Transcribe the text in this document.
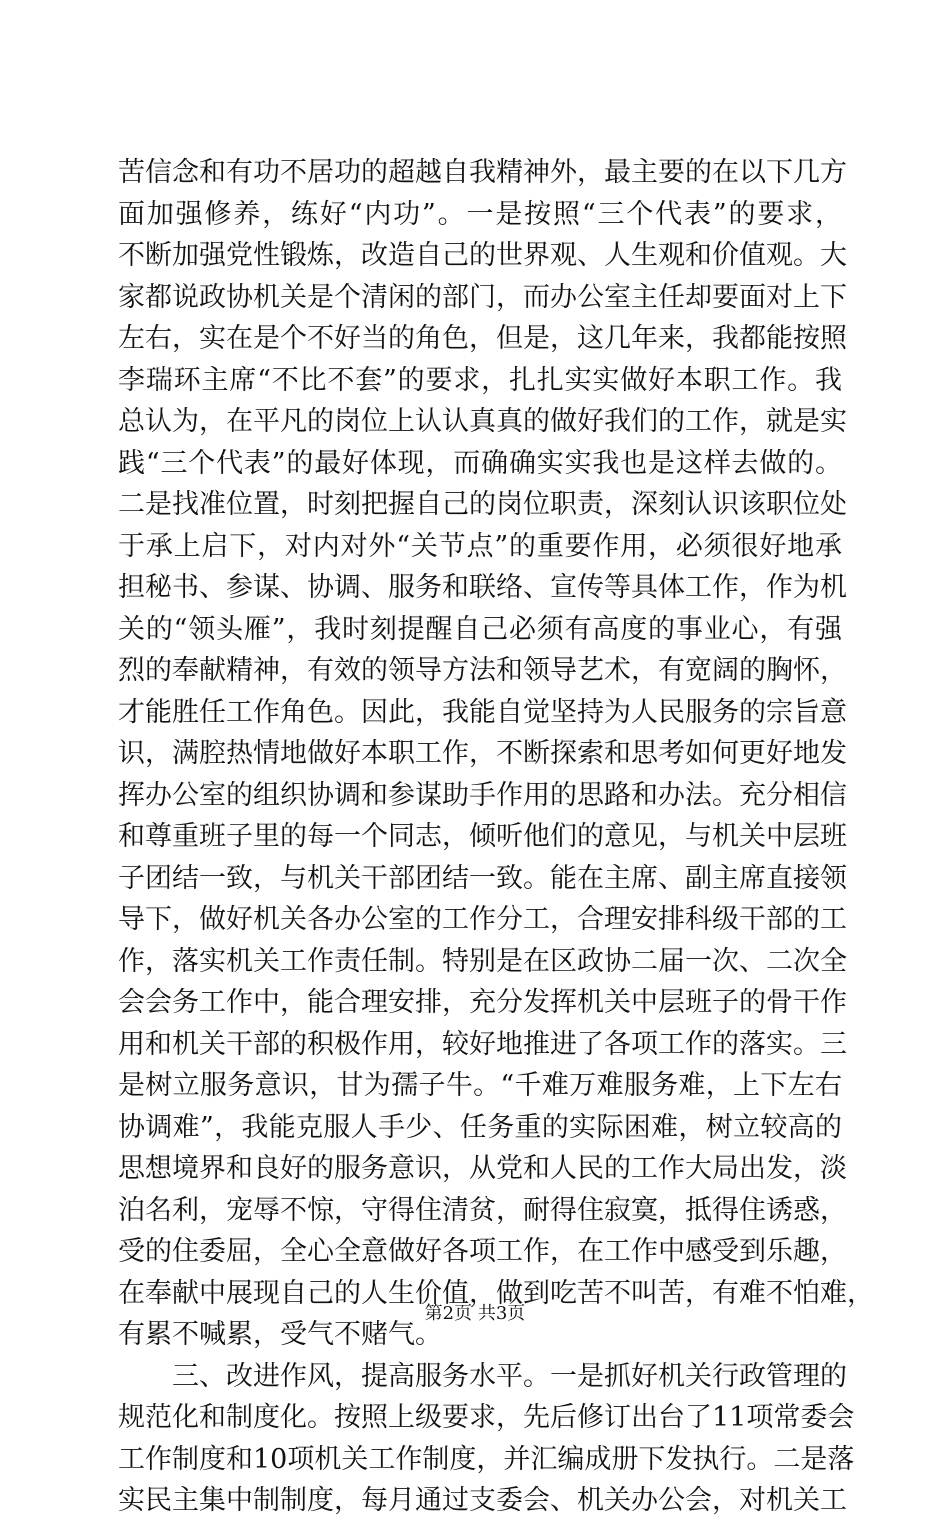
苦信念和有功不居功的超越自我精神外，最主要的在以下几方
面加强修养，练好“内功”。一是按照“三个代表”的要求，
不断加强党性锻炼，改造自己的世界观、人生观和价值观。大
家都说政协机关是个清闲的部门，而办公室主任却要面对上下
左右，实在是个不好当的角色，但是，这几年来，我都能按照
李瑞环主席“不比不套”的要求，扎扎实实做好本职工作。我
总认为，在平凡的岗位上认认真真的做好我们的工作，就是实
践“三个代表”的最好体现，而确确实实我也是这样去做的。
二是找准位置，时刻把握自己的岗位职责，深刻认识该职位处
于承上启下，对内对外“关节点”的重要作用，必须很好地承
担秘书、参谋、协调、服务和联络、宣传等具体工作，作为机
关的“领头雁”，我时刻提醒自己必须有高度的事业心，有强
烈的奉献精神，有效的领导方法和领导艺术，有宽阔的胸怀，
才能胜任工作角色。因此，我能自觉坚持为人民服务的宗旨意
识，满腔热情地做好本职工作，不断探索和思考如何更好地发
挥办公室的组织协调和参谋助手作用的思路和办法。充分相信
和尊重班子里的每一个同志，倾听他们的意见，与机关中层班
子团结一致，与机关干部团结一致。能在主席、副主席直接领
导下，做好机关各办公室的工作分工，合理安排科级干部的工
作，落实机关工作责任制。特别是在区政协二届一次、二次全
会会务工作中，能合理安排，充分发挥机关中层班子的骨干作
用和机关干部的积极作用，较好地推进了各项工作的落实。三
是树立服务意识，甘为孺子牛。“千难万难服务难，上下左右
协调难”，我能克服人手少、任务重的实际困难，树立较高的
思想境界和良好的服务意识，从党和人民的工作大局出发，淡
泊名利，宠辱不惊，守得住清贫，耐得住寂寞，抵得住诱惑，
受的住委屈，全心全意做好各项工作，在工作中感受到乐趣，
在奉献中展现自己的人生价值，做到吃苦不叫苦，有难不怕难，
有累不喊累，受气不赌气。
三、改进作风，提高服务水平。一是抓好机关行政管理的
规范化和制度化。按照上级要求，先后修订出台了11项常委会
工作制度和10项机关工作制度，并汇编成册下发执行。二是落
实民主集中制制度，每月通过支委会、机关办公会，对机关工
第2页 共3页
